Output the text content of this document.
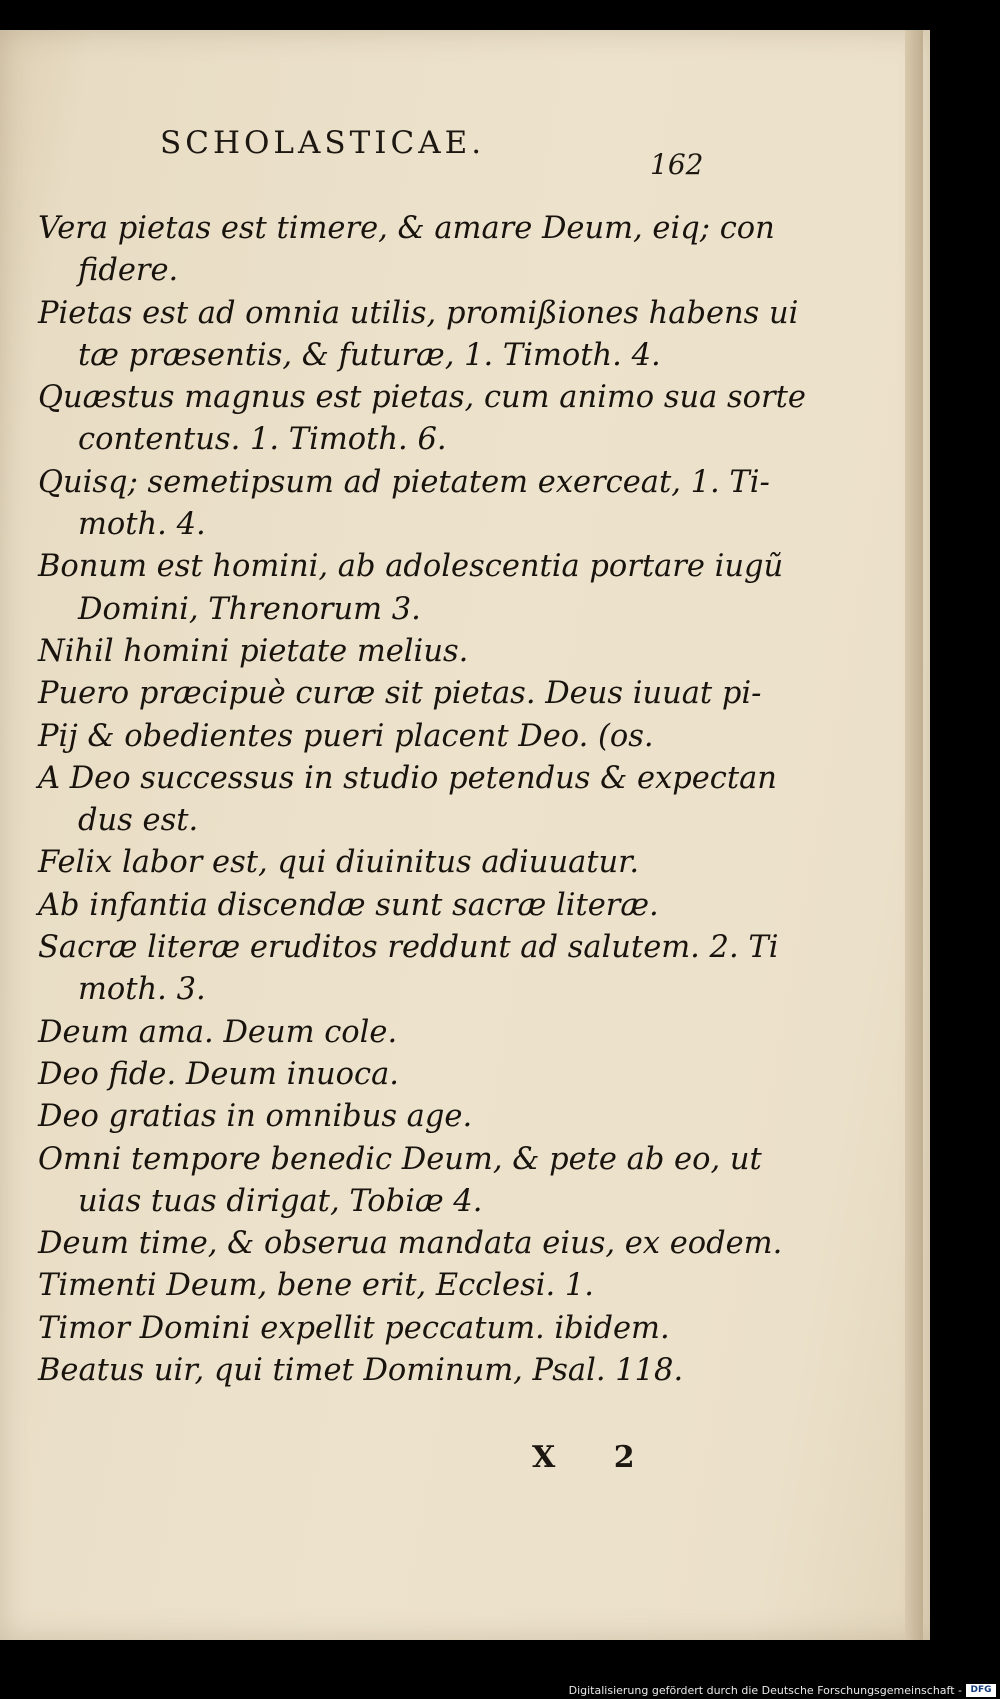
SCHOLASTICAE.
162
Vera pietas est timere, & amare Deum, eiq; con
fidere.
Pietas est ad omnia utilis, promißiones habens ui
tæ præsentis, & futuræ, 1. Timoth. 4.
Quæstus magnus est pietas, cum animo sua sorte
contentus. 1. Timoth. 6.
Quisq; semetipsum ad pietatem exerceat, 1. Ti-
moth. 4.
Bonum est homini, ab adolescentia portare iugũ
Domini, Threnorum 3.
Nihil homini pietate melius.
Puero præcipuè curæ sit pietas. Deus iuuat pi-
Pij & obedientes pueri placent Deo. (os.
A Deo successus in studio petendus & expectan
dus est.
Felix labor est, qui diuinitus adiuuatur.
Ab infantia discendæ sunt sacræ literæ.
Sacræ literæ eruditos reddunt ad salutem. 2. Ti
moth. 3.
Deum ama. Deum cole.
Deo fide. Deum inuoca.
Deo gratias in omnibus age.
Omni tempore benedic Deum, & pete ab eo, ut
uias tuas dirigat, Tobiæ 4.
Deum time, & obserua mandata eius, ex eodem.
Timenti Deum, bene erit, Ecclesi. 1.
Timor Domini expellit peccatum. ibidem.
Beatus uir, qui timet Dominum, Psal. 118.
X 2
Digitalisierung gefördert durch die Deutsche Forschungsgemeinschaft - DFG
